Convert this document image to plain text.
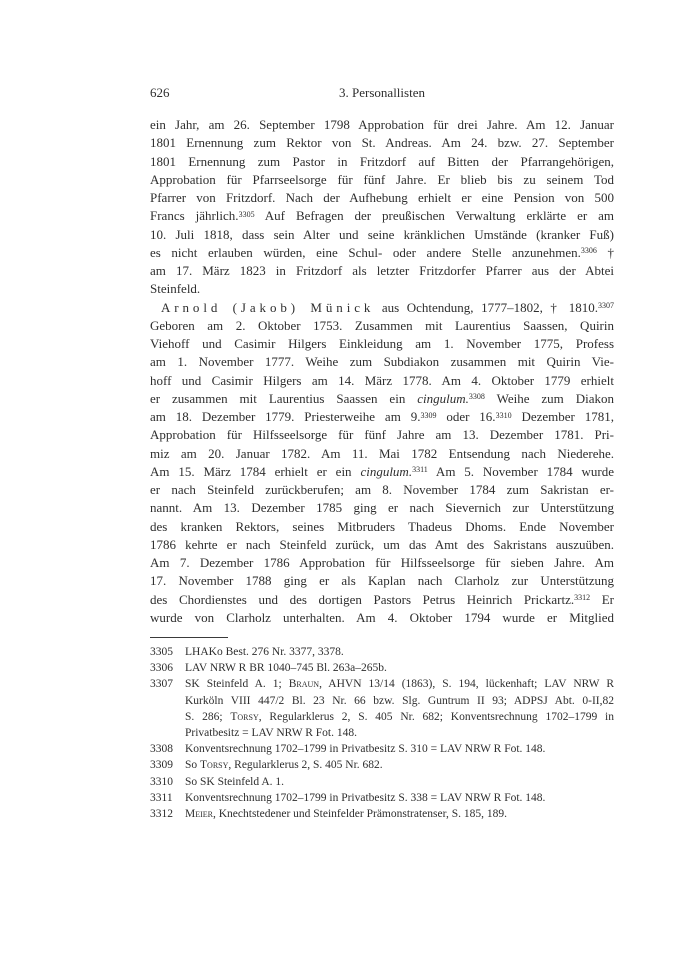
626	3. Personallisten
ein Jahr, am 26. September 1798 Approbation für drei Jahre. Am 12. Januar
1801 Ernennung zum Rektor von St. Andreas. Am 24. bzw. 27. September
1801 Ernennung zum Pastor in Fritzdorf auf Bitten der Pfarrangehörigen,
Approbation für Pfarrseelsorge für fünf Jahre. Er blieb bis zu seinem Tod
Pfarrer von Fritzdorf. Nach der Aufhebung erhielt er eine Pension von 500
Francs jährlich.$^{3305}$ Auf Befragen der preußischen Verwaltung erklärte er am
10. Juli 1818, dass sein Alter und seine kränklichen Umstände (kranker Fuß)
es nicht erlauben würden, eine Schul- oder andere Stelle anzunehmen.$^{3306}$ †
am 17. März 1823 in Fritzdorf als letzter Fritzdorfer Pfarrer aus der Abtei
Steinfeld.
Arnold (Jakob) Münick aus Ochtendung, 1777–1802, † 1810.$^{3307}$
Geboren am 2. Oktober 1753. Zusammen mit Laurentius Saassen, Quirin
Viehoff und Casimir Hilgers Einkleidung am 1. November 1775, Profess
am 1. November 1777. Weihe zum Subdiakon zusammen mit Quirin Vie-
hoff und Casimir Hilgers am 14. März 1778. Am 4. Oktober 1779 erhielt
er zusammen mit Laurentius Saassen ein cingulum.$^{3308}$ Weihe zum Diakon
am 18. Dezember 1779. Priesterweihe am 9.$^{3309}$ oder 16.$^{3310}$ Dezember 1781,
Approbation für Hilfsseelsorge für fünf Jahre am 13. Dezember 1781. Pri-
miz am 20. Januar 1782. Am 11. Mai 1782 Entsendung nach Niederehe.
Am 15. März 1784 erhielt er ein cingulum.$^{3311}$ Am 5. November 1784 wurde
er nach Steinfeld zurückberufen; am 8. November 1784 zum Sakristan er-
nannt. Am 13. Dezember 1785 ging er nach Sievernich zur Unterstützung
des kranken Rektors, seines Mitbruders Thadeus Dhoms. Ende November
1786 kehrte er nach Steinfeld zurück, um das Amt des Sakristans auszuüben.
Am 7. Dezember 1786 Approbation für Hilfsseelsorge für sieben Jahre. Am
17. November 1788 ging er als Kaplan nach Clarholz zur Unterstützung
des Chordienstes und des dortigen Pastors Petrus Heinrich Prickartz.$^{3312}$ Er
wurde von Clarholz unterhalten. Am 4. Oktober 1794 wurde er Mitglied
3305	LHAKo Best. 276 Nr. 3377, 3378.
3306	LAV NRW R BR 1040–745 Bl. 263a–265b.
3307	SK Steinfeld A. 1; Braun, AHVN 13/14 (1863), S. 194, lückenhaft; LAV NRW R
Kurköln VIII 447/2 Bl. 23 Nr. 66 bzw. Slg. Guntrum II 93; ADPSJ Abt. 0-II,82
S. 286; Torsy, Regularklerus 2, S. 405 Nr. 682; Konventsrechnung 1702–1799 in
Privatbesitz = LAV NRW R Fot. 148.
3308	Konventsrechnung 1702–1799 in Privatbesitz S. 310 = LAV NRW R Fot. 148.
3309	So Torsy, Regularklerus 2, S. 405 Nr. 682.
3310	So SK Steinfeld A. 1.
3311	Konventsrechnung 1702–1799 in Privatbesitz S. 338 = LAV NRW R Fot. 148.
3312	Meier, Knechtstedener und Steinfelder Prämonstratenser, S. 185, 189.
